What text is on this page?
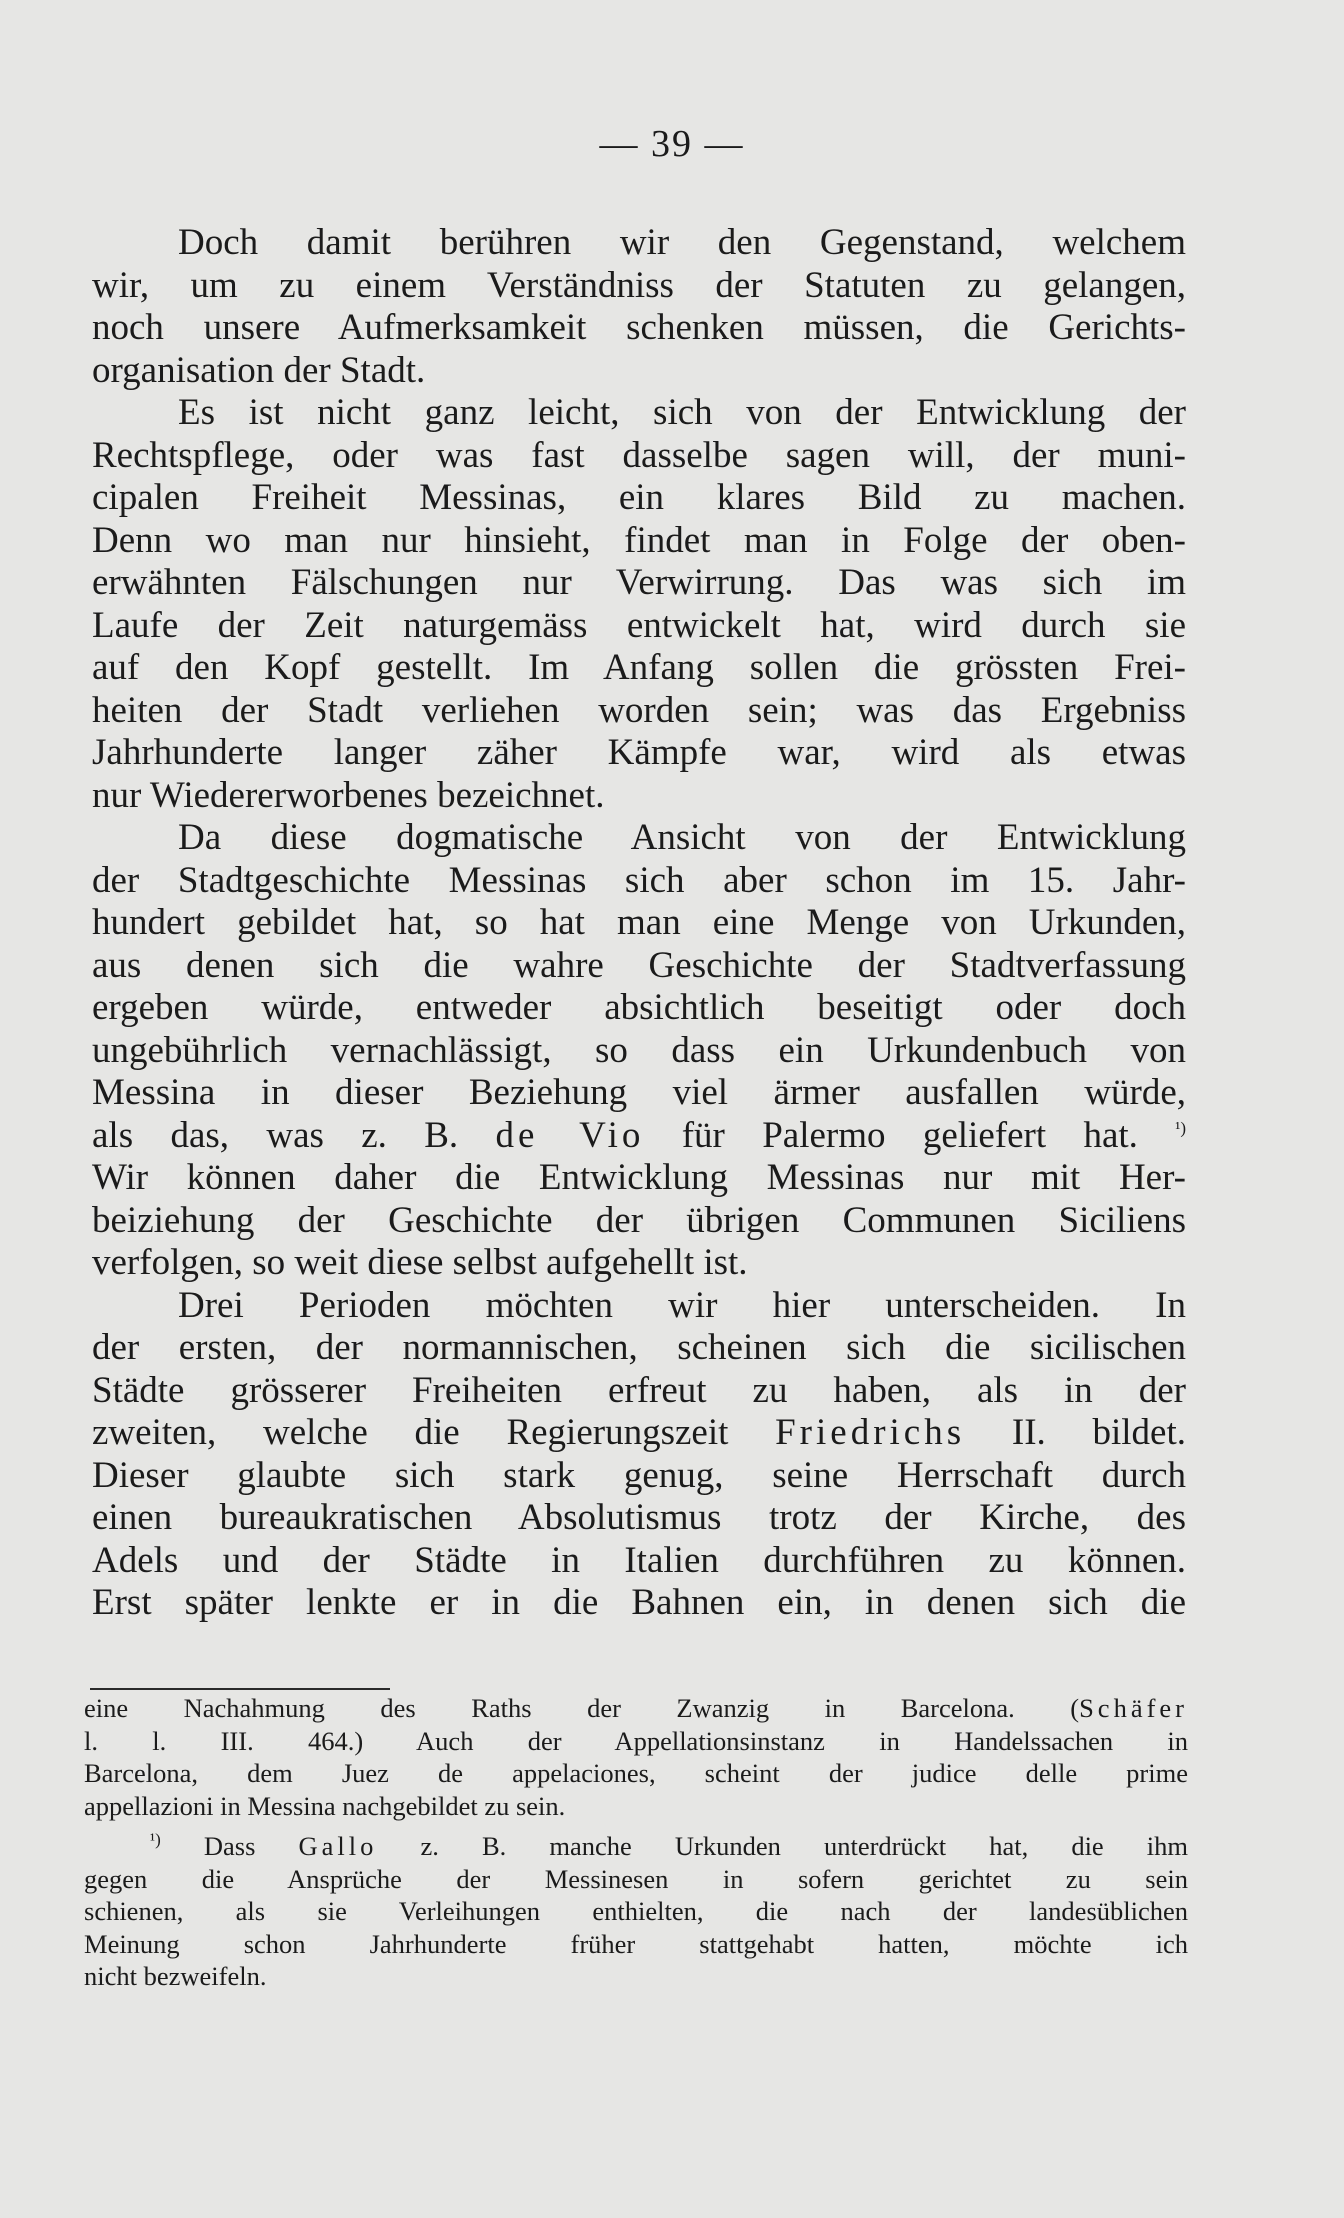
— 39 —
Doch damit berühren wir den Gegenstand, welchem
wir, um zu einem Verständniss der Statuten zu gelangen,
noch unsere Aufmerksamkeit schenken müssen, die Gerichts-
organisation der Stadt.
Es ist nicht ganz leicht, sich von der Entwicklung der
Rechtspflege, oder was fast dasselbe sagen will, der muni-
cipalen Freiheit Messinas, ein klares Bild zu machen.
Denn wo man nur hinsieht, findet man in Folge der oben-
erwähnten Fälschungen nur Verwirrung. Das was sich im
Laufe der Zeit naturgemäss entwickelt hat, wird durch sie
auf den Kopf gestellt. Im Anfang sollen die grössten Frei-
heiten der Stadt verliehen worden sein; was das Ergebniss
Jahrhunderte langer zäher Kämpfe war, wird als etwas
nur Wiedererworbenes bezeichnet.
Da diese dogmatische Ansicht von der Entwicklung
der Stadtgeschichte Messinas sich aber schon im 15. Jahr-
hundert gebildet hat, so hat man eine Menge von Urkunden,
aus denen sich die wahre Geschichte der Stadtverfassung
ergeben würde, entweder absichtlich beseitigt oder doch
ungebührlich vernachlässigt, so dass ein Urkundenbuch von
Messina in dieser Beziehung viel ärmer ausfallen würde,
als das, was z. B. de Vio für Palermo geliefert hat. $^{^1)}$
Wir können daher die Entwicklung Messinas nur mit Her-
beiziehung der Geschichte der übrigen Communen Siciliens
verfolgen, so weit diese selbst aufgehellt ist.
Drei Perioden möchten wir hier unterscheiden. In
der ersten, der normannischen, scheinen sich die sicilischen
Städte grösserer Freiheiten erfreut zu haben, als in der
zweiten, welche die Regierungszeit Friedrichs II. bildet.
Dieser glaubte sich stark genug, seine Herrschaft durch
einen bureaukratischen Absolutismus trotz der Kirche, des
Adels und der Städte in Italien durchführen zu können.
Erst später lenkte er in die Bahnen ein, in denen sich die
eine Nachahmung des Raths der Zwanzig in Barcelona. (Schäfer
l. l. III. 464.) Auch der Appellationsinstanz in Handelssachen in
Barcelona, dem Juez de appelaciones, scheint der judice delle prime
appellazioni in Messina nachgebildet zu sein.
$^{^1)}$ Dass Gallo z. B. manche Urkunden unterdrückt hat, die ihm
gegen die Ansprüche der Messinesen in sofern gerichtet zu sein
schienen, als sie Verleihungen enthielten, die nach der landesüblichen
Meinung schon Jahrhunderte früher stattgehabt hatten, möchte ich
nicht bezweifeln.
